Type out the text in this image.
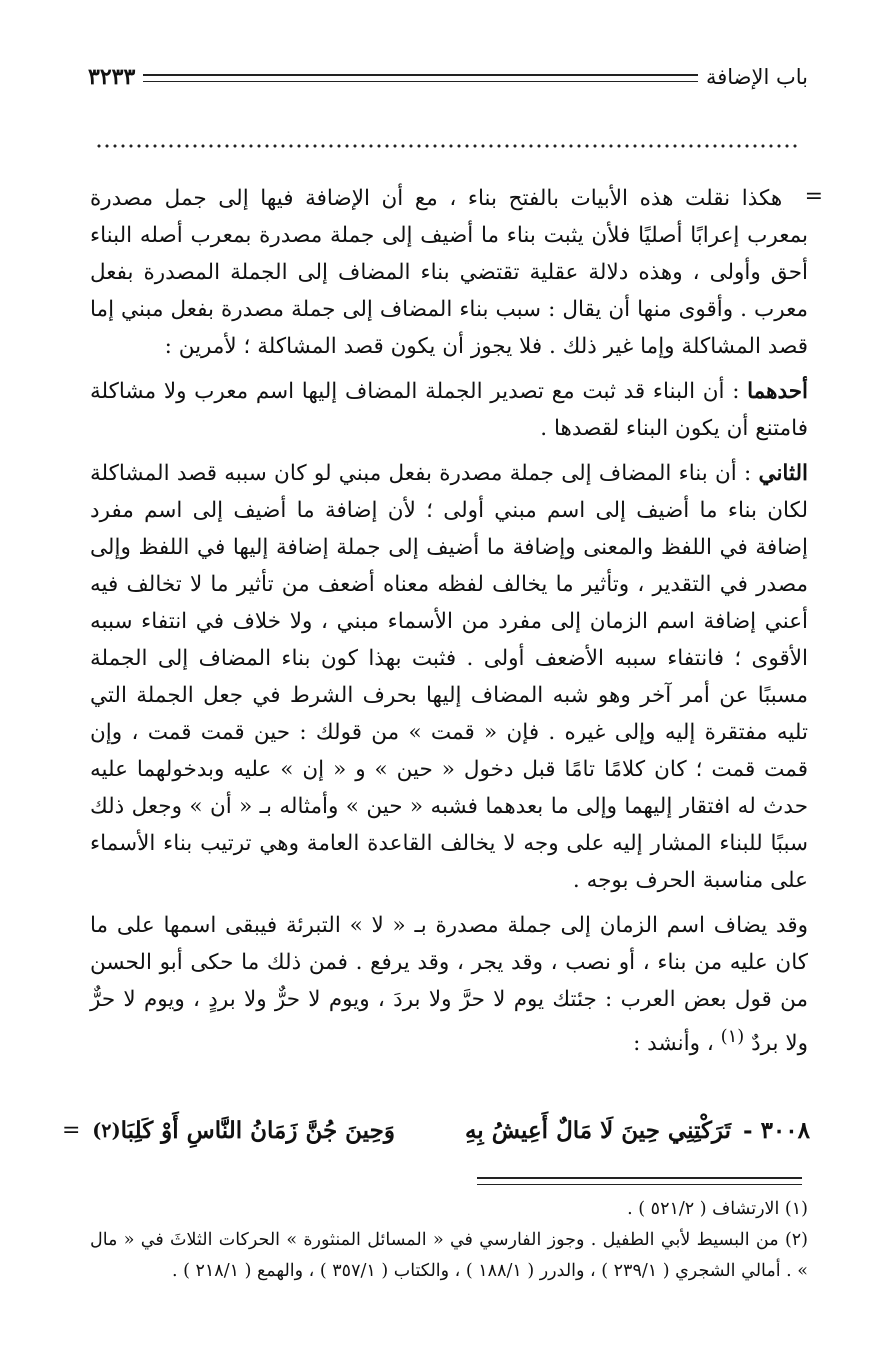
باب الإضافة
٣٢٣٣
=

هكذا نقلت هذه الأبيات بالفتح بناء ، مع أن الإضافة فيها إلى جمل مصدرة بمعرب إعرابًا أصليًا فلأن يثبت بناء ما أضيف إلى جملة مصدرة بمعرب أصله البناء أحق وأولى ، وهذه دلالة عقلية تقتضي بناء المضاف إلى الجملة المصدرة بفعل معرب . وأقوى منها أن يقال : سبب بناء المضاف إلى جملة مصدرة بفعل مبني إما قصد المشاكلة وإما غير ذلك . فلا يجوز أن يكون قصد المشاكلة ؛ لأمرين :

أحدهما : أن البناء قد ثبت مع تصدير الجملة المضاف إليها اسم معرب ولا مشاكلة فامتنع أن يكون البناء لقصدها .

الثاني : أن بناء المضاف إلى جملة مصدرة بفعل مبني لو كان سببه قصد المشاكلة لكان بناء ما أضيف إلى اسم مبني أولى ؛ لأن إضافة ما أضيف إلى اسم مفرد إضافة في اللفظ والمعنى وإضافة ما أضيف إلى جملة إضافة إليها في اللفظ وإلى مصدر في التقدير ، وتأثير ما يخالف لفظه معناه أضعف من تأثير ما لا تخالف فيه أعني إضافة اسم الزمان إلى مفرد من الأسماء مبني ، ولا خلاف في انتفاء سببه الأقوى ؛ فانتفاء سببه الأضعف أولى . فثبت بهذا كون بناء المضاف إلى الجملة مسببًا عن أمر آخر وهو شبه المضاف إليها بحرف الشرط في جعل الجملة التي تليه مفتقرة إليه وإلى غيره . فإن « قمت » من قولك : حين قمت قمت ، وإن قمت قمت ؛ كان كلامًا تامًا قبل دخول « حين » و « إن » عليه وبدخولهما عليه حدث له افتقار إليهما وإلى ما بعدهما فشبه « حين » وأمثاله بـ « أن » وجعل ذلك سببًا للبناء المشار إليه على وجه لا يخالف القاعدة العامة وهي ترتيب بناء الأسماء على مناسبة الحرف بوجه .

وقد يضاف اسم الزمان إلى جملة مصدرة بـ « لا » التبرئة فيبقى اسمها على ما كان عليه من بناء ، أو نصب ، وقد يجر ، وقد يرفع . فمن ذلك ما حكى أبو الحسن من قول بعض العرب : جئتك يوم لا حرَّ ولا بردَ ، ويوم لا حرٌّ ولا بردٍ ، ويوم لا حرٌّ ولا بردٌ $^{(١)}$ ، وأنشد :

٣٠٠٨ -
تَرَكْتِنِي حِينَ لَا مَالٌ أَعِيشُ بِهِ
وَحِينَ جُنَّ زَمَانُ النَّاسِ أَوْ كَلِبَا
(٢)
=

(١) الارتشاف ( ٥٢١/٢ ) .

(٢) من البسيط لأبي الطفيل . وجوز الفارسي في « المسائل المنثورة » الحركات الثلاثَ في « مال » . أمالي الشجري ( ٢٣٩/١ ) ، والدرر ( ١٨٨/١ ) ، والكتاب ( ٣٥٧/١ ) ، والهمع ( ٢١٨/١ ) .
